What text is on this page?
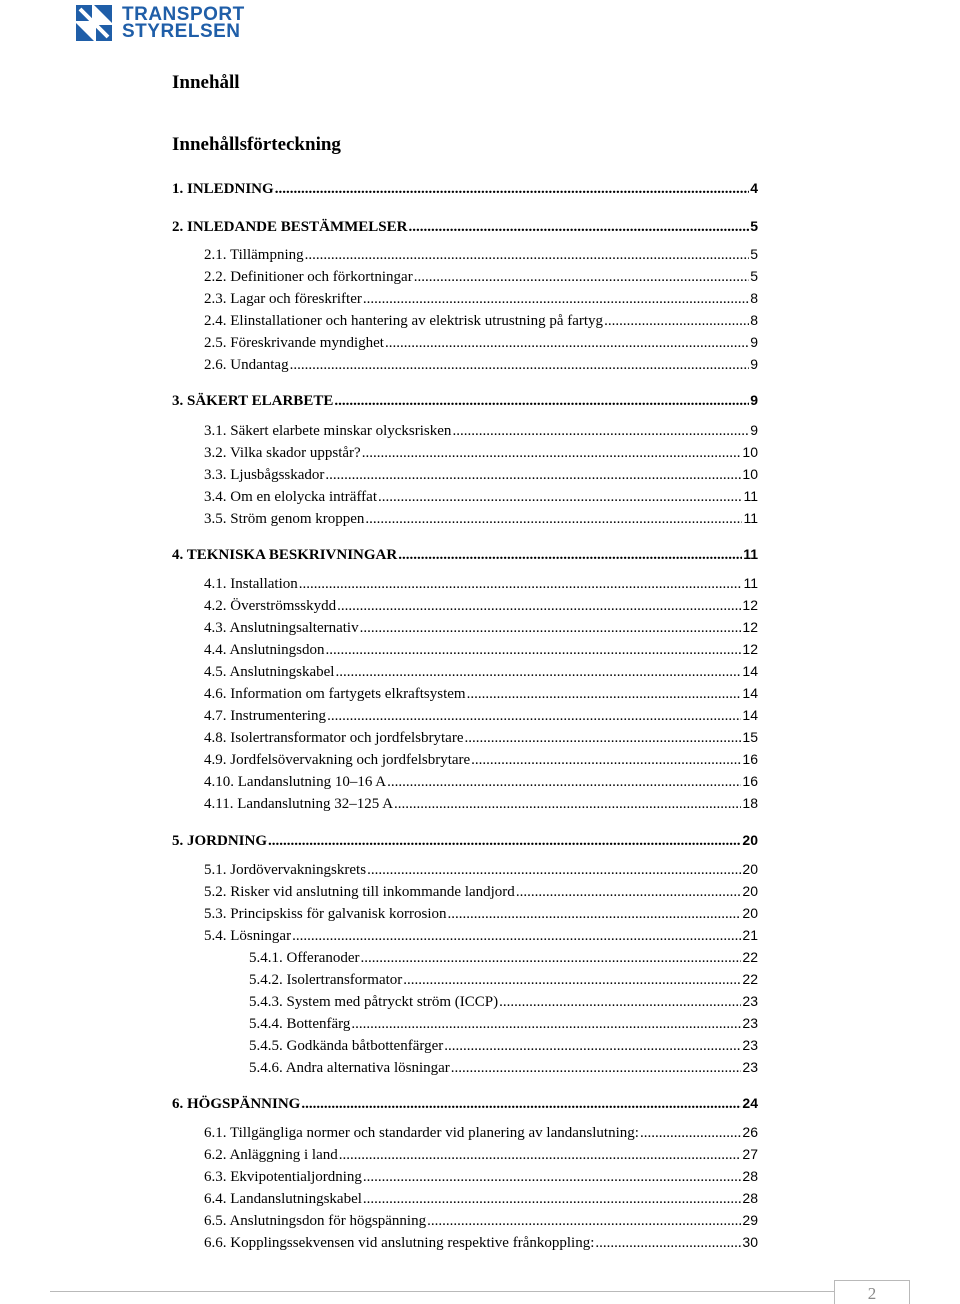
TRANSPORT
STYRELSEN
Innehåll
Innehållsförteckning
1. INLEDNING .....	4
2. INLEDANDE BESTÄMMELSER .....	5
2.1. Tillämpning .....	5
2.2. Definitioner och förkortningar .....	5
2.3. Lagar och föreskrifter .....	8
2.4. Elinstallationer och hantering av elektrisk utrustning på fartyg .....	8
2.5. Föreskrivande myndighet .....	9
2.6. Undantag .....	9
3. SÄKERT ELARBETE .....	9
3.1. Säkert elarbete minskar olycksrisken .....	9
3.2. Vilka skador uppstår? .....	10
3.3. Ljusbågsskador .....	10
3.4. Om en elolycka inträffat .....	11
3.5. Ström genom kroppen .....	11
4. TEKNISKA BESKRIVNINGAR .....	11
4.1. Installation .....	11
4.2. Överströmsskydd .....	12
4.3. Anslutningsalternativ .....	12
4.4. Anslutningsdon .....	12
4.5. Anslutningskabel .....	14
4.6. Information om fartygets elkraftsystem .....	14
4.7. Instrumentering .....	14
4.8. Isolertransformator och jordfelsbrytare .....	15
4.9. Jordfelsövervakning och jordfelsbrytare .....	16
4.10. Landanslutning 10–16 A .....	16
4.11. Landanslutning 32–125 A .....	18
5. JORDNING .....	20
5.1. Jordövervakningskrets .....	20
5.2. Risker vid anslutning till inkommande landjord .....	20
5.3. Principskiss för galvanisk korrosion .....	20
5.4. Lösningar .....	21
5.4.1. Offeranoder .....	22
5.4.2. Isolertransformator .....	22
5.4.3. System med påtryckt ström (ICCP) .....	23
5.4.4. Bottenfärg .....	23
5.4.5. Godkända båtbottenfärger .....	23
5.4.6. Andra alternativa lösningar .....	23
6. HÖGSPÄNNING .....	24
6.1. Tillgängliga normer och standarder vid planering av landanslutning: .....	26
6.2. Anläggning i land .....	27
6.3. Ekvipotentialjordning .....	28
6.4. Landanslutningskabel .....	28
6.5. Anslutningsdon för högspänning .....	29
6.6. Kopplingssekvensen vid anslutning respektive frånkoppling: .....	30
2
